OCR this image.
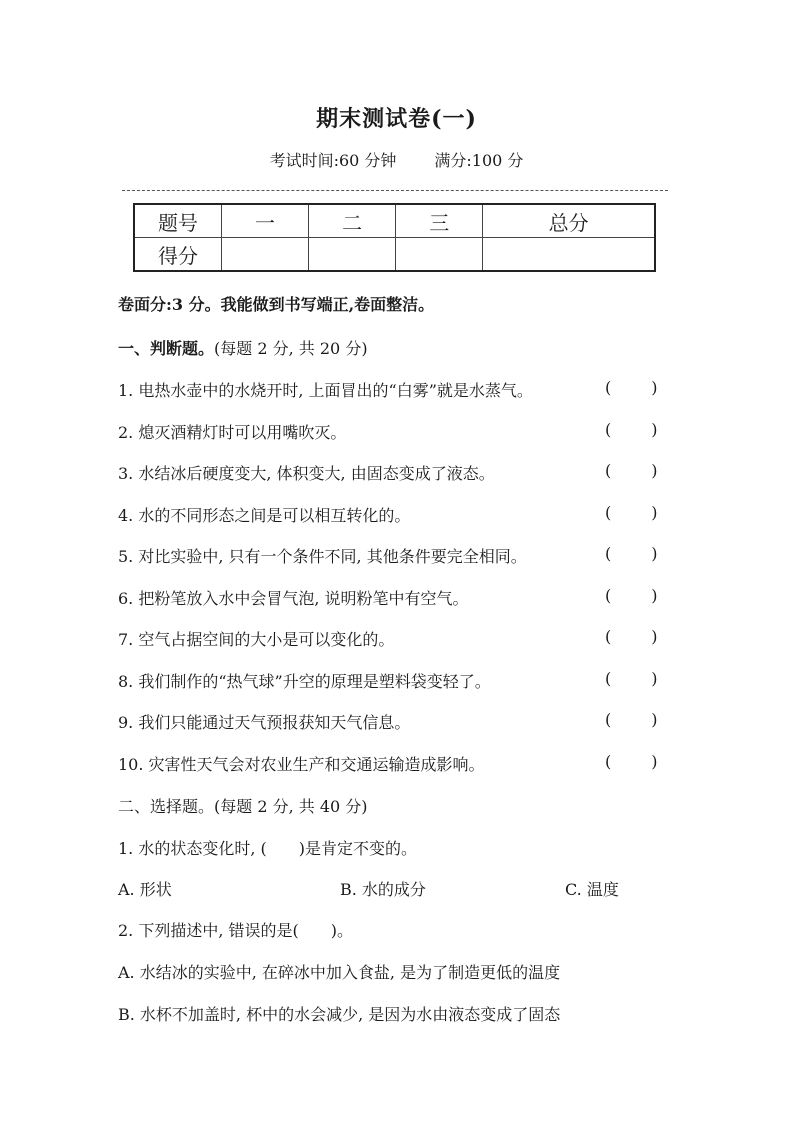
期末测试卷(一)
考试时间:60 分钟 满分:100 分
题号	一	二	三	总分
得分				
卷面分:3 分。我能做到书写端正,卷面整洁。
一、判断题。(每题 2 分, 共 20 分)
1. 电热水壶中的水烧开时, 上面冒出的“白雾”就是水蒸气。	(	)
2. 熄灭酒精灯时可以用嘴吹灭。	(	)
3. 水结冰后硬度变大, 体积变大, 由固态变成了液态。	(	)
4. 水的不同形态之间是可以相互转化的。	(	)
5. 对比实验中, 只有一个条件不同, 其他条件要完全相同。	(	)
6. 把粉笔放入水中会冒气泡, 说明粉笔中有空气。	(	)
7. 空气占据空间的大小是可以变化的。	(	)
8. 我们制作的“热气球”升空的原理是塑料袋变轻了。	(	)
9. 我们只能通过天气预报获知天气信息。	(	)
10. 灾害性天气会对农业生产和交通运输造成影响。	(	)
二、选择题。(每题 2 分, 共 40 分)
1. 水的状态变化时, (　　)是肯定不变的。
A. 形状	B. 水的成分	C. 温度
2. 下列描述中, 错误的是(　　)。
A. 水结冰的实验中, 在碎冰中加入食盐, 是为了制造更低的温度
B. 水杯不加盖时, 杯中的水会减少, 是因为水由液态变成了固态
